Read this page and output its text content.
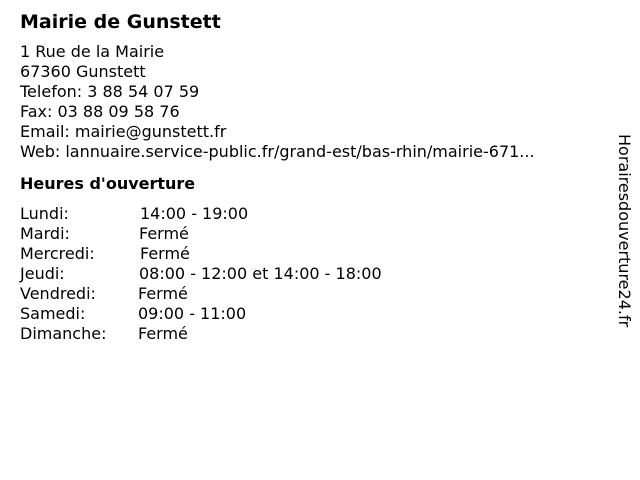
Mairie de Gunstett
1 Rue de la Mairie
67360 Gunstett
Telefon: 3 88 54 07 59
Fax: 03 88 09 58 76
Email: mairie@gunstett.fr
Web: lannuaire.service-public.fr/grand-est/bas-rhin/mairie-671...
Heures d'ouverture
Lundi:	14:00 - 19:00
Mardi:	Fermé
Mercredi:	Fermé
Jeudi:	08:00 - 12:00 et 14:00 - 18:00
Vendredi:	Fermé
Samedi:	09:00 - 11:00
Dimanche:	Fermé
Horairesdouverture24.fr
